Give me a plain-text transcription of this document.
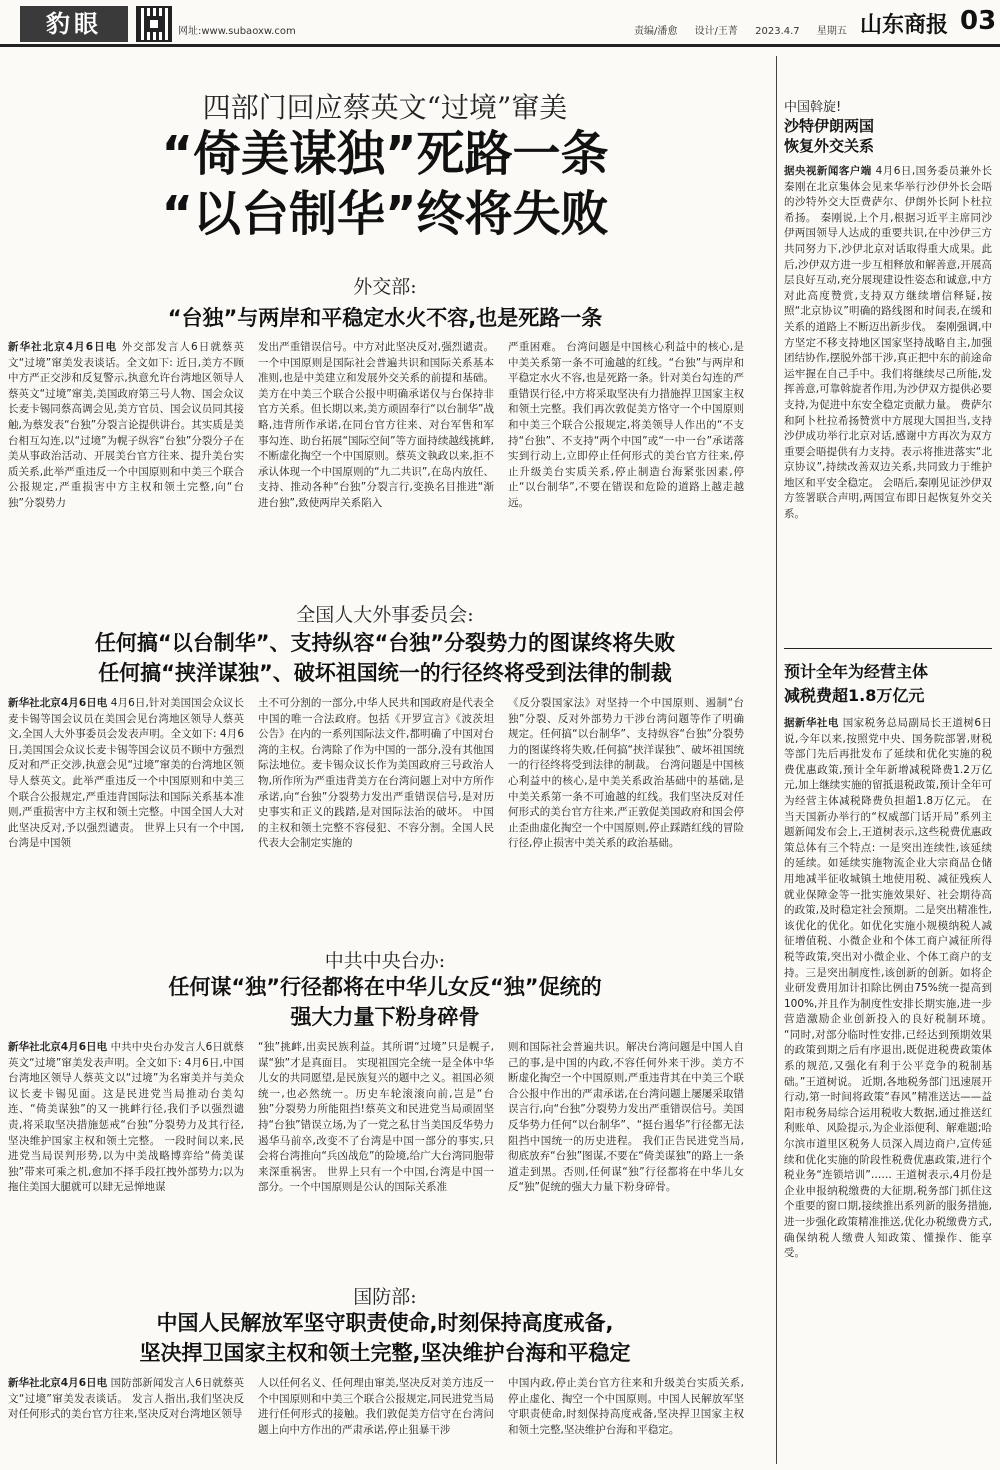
豹眼	网址:www.subaoxw.com	责编/潘愈 设计/王菁 2023.4.7 星期五 山东商报 03
四部门回应蔡英文“过境”窜美
“倚美谋独”死路一条
“以台制华”终将失败
外交部:
“台独”与两岸和平稳定水火不容,也是死路一条
新华社北京4月6日电 外交部发言人6日就蔡英文“过境”窜美发表谈话。全文如下: 近日,美方不顾中方严正交涉和反复警示,执意允许台湾地区领导人蔡英文“过境”窜美,美国政府第三号人物、国会众议长麦卡锡同蔡高调会见,美方官员、国会议员同其接触,为蔡发表“台独”分裂言论提供讲台。其实质是美台相互勾连,以“过境”为幌子纵容“台独”分裂分子在美从事政治活动、开展美台官方往来、提升美台实质关系,此举严重违反一个中国原则和中美三个联合公报规定,严重损害中方主权和领土完整,向“台独”分裂势力
发出严重错误信号。中方对此坚决反对,强烈谴责。 一个中国原则是国际社会普遍共识和国际关系基本准则,也是中美建立和发展外交关系的前提和基础。美方在中美三个联合公报中明确承诺仅与台保持非官方关系。但长期以来,美方顽固奉行“以台制华”战略,违背所作承诺,在同台官方往来、对台军售和军事勾连、助台拓展“国际空间”等方面持续越线挑衅,不断虚化掏空一个中国原则。蔡英文執政以来,拒不承认体现一个中国原则的“九二共识”,在岛内放任、支持、推动各种“台独”分裂言行,变换名目推进“渐进台独”,致使两岸关系陷入
严重困难。 台湾问题是中国核心利益中的核心,是中美关系第一条不可逾越的红线。“台独”与两岸和平稳定水火不容,也是死路一条。针对美台勾连的严重错误行径,中方将采取坚决有力措施捍卫国家主权和领土完整。我们再次敦促美方恪守一个中国原则和中美三个联合公报规定,将美领导人作出的“不支持“台独”、不支持“两个中国”或“一中一台”承诺落实到行动上,立即停止任何形式的美台官方往来,停止升级美台实质关系,停止制造台海紧张因素,停止“以台制华”,不要在错误和危险的道路上越走越远。
全国人大外事委员会:
任何搞“以台制华”、支持纵容“台独”分裂势力的图谋终将失败
任何搞“挟洋谋独”、破坏祖国统一的行径终将受到法律的制裁
新华社北京4月6日电 4月6日,针对美国国会众议长麦卡锡等国会议员在美国会见台湾地区领导人蔡英文,全国人大外事委员会发表声明。全文如下: 4月6日,美国国会众议长麦卡锡等国会议员不顾中方强烈反对和严正交涉,执意会见“过境”窜美的台湾地区领导人蔡英文。此举严重违反一个中国原则和中美三个联合公报规定,严重违背国际法和国际关系基本准则,严重损害中方主权和领土完整。中国全国人大对此坚决反对,予以强烈谴责。 世界上只有一个中国,台湾是中国领
土不可分割的一部分,中华人民共和国政府是代表全中国的唯一合法政府。包括《开罗宣言》《波茨坦公告》在内的一系列国际法文件,都明确了中国对台湾的主权。台湾除了作为中国的一部分,没有其他国际法地位。麦卡锡众议长作为美国政府三号政治人物,所作所为严重违背美方在台湾问题上对中方所作承诺,向“台独”分裂势力发出严重错误信号,是对历史事实和正义的践踏,是对国际法治的破坏。 中国的主权和领土完整不容侵犯、不容分割。全国人民代表大会制定实施的
《反分裂国家法》对坚持一个中国原则、遏制“台独”分裂、反对外部势力干涉台湾问题等作了明确规定。任何搞“以台制华”、支持纵容“台独”分裂势力的图谋终将失败,任何搞“挟洋谋独”、破坏祖国统一的行径终将受到法律的制裁。 台湾问题是中国核心利益中的核心,是中美关系政治基础中的基础,是中美关系第一条不可逾越的红线。我们坚决反对任何形式的美台官方往来,严正敦促美国政府和国会停止歪曲虚化掏空一个中国原则,停止踩踏红线的冒险行径,停止损害中美关系的政治基础。
中共中央台办:
任何谋“独”行径都将在中华儿女反“独”促统的
强大力量下粉身碎骨
新华社北京4月6日电 中共中央台办发言人6日就蔡英文“过境”窜美发表声明。全文如下: 4月6日,中国台湾地区领导人蔡英文以“过境”为名窜美并与美众议长麦卡锡见面。这是民进党当局推动台美勾连、“倚美谋独”的又一挑衅行径,我们予以强烈谴责,将采取坚决措施惩戒“台独”分裂势力及其行径,坚决维护国家主权和领土完整。 一段时间以来,民进党当局误判形势,以为中美战略博弈给“倚美谋独”带来可乘之机,愈加不择手段扛拽外部势力;以为拖住美国大腿就可以肆无忌惮地谋
“独”挑衅,出卖民族利益。其所谓“过境”只是幌子,谋“独”才是真面目。 实现祖国完全统一是全体中华儿女的共同愿望,是民族复兴的题中之义。祖国必须统一,也必然统一。历史车轮滚滚向前,岂是“台独”分裂势力所能阻挡!蔡英文和民进党当局顽固坚持“台独”错误立场,为了一党之私甘当美国反华势力遏华马前卒,改变不了台湾是中国一部分的事实,只会将台湾推向“兵凶战危”的险境,给广大台湾同胞带来深重祸害。 世界上只有一个中国,台湾是中国一部分。一个中国原则是公认的国际关系准
则和国际社会普遍共识。解决台湾问题是中国人自己的事,是中国的内政,不容任何外来干涉。美方不断虚化掏空一个中国原则,严重违背其在中美三个联合公报中作出的严肃承诺,在台湾问题上屡屡采取错误言行,向“台独”分裂势力发出严重错误信号。美国反华势力任何“以台制华”、“挺台遏华”行径都无法阻挡中国统一的历史进程。 我们正告民进党当局,彻底放弃“台独”图谋,不要在“倚美谋独”的路上一条道走到黑。否则,任何谋“独”行径都将在中华儿女反“独”促统的强大力量下粉身碎骨。
国防部:
中国人民解放军坚守职责使命,时刻保持高度戒备,
坚决捍卫国家主权和领土完整,坚决维护台海和平稳定
新华社北京4月6日电 国防部新闻发言人6日就蔡英文“过境”窜美发表谈话。 发言人指出,我们坚决反对任何形式的美台官方往来,坚决反对台湾地区领导
人以任何名义、任何理由窜美,坚决反对美方违反一个中国原则和中美三个联合公报规定,同民进党当局进行任何形式的接触。我们敦促美方信守在台湾问题上向中方作出的严肃承诺,停止狙暴干涉
中国内政,停止美台官方往来和升级美台实质关系,停止虚化、掏空一个中国原则。中国人民解放军坚守职责使命,时刻保持高度戒备,坚决捍卫国家主权和领土完整,坚决维护台海和平稳定。
中国斡旋!
沙特伊朗两国
恢复外交关系
据央视新闻客户端 4月6日,国务委员兼外长秦刚在北京集体会见来华举行沙伊外长会晤的沙特外交大臣费萨尔、伊朗外长阿卜杜拉希扬。 秦刚说,上个月,根据习近平主席同沙伊两国领导人达成的重要共识,在中沙伊三方共同努力下,沙伊北京对话取得重大成果。此后,沙伊双方进一步互相释放和解善意,开展高层良好互动,充分展现建设性姿态和诚意,中方对此高度赞赏,支持双方继续增信释疑,按照“北京协议”明确的路线图和时间表,在缓和关系的道路上不断迈出新步伐。 秦刚强调,中方坚定不移支持地区国家坚持战略自主,加强团结协作,摆脱外部干涉,真正把中东的前途命运牢握在自己手中。我们将继续尽己所能,发挥善意,可靠斡旋者作用,为沙伊双方提供必要支持,为促进中东安全稳定贡献力量。 费萨尔和阿卜杜拉希扬赞赏中方展现大国担当,支持沙伊成功举行北京对话,感谢中方再次为双方重要会晤提供有力支持。表示将推进落实“北京协议”,持续改善双边关系,共同致力于维护地区和平安全稳定。 会晤后,秦刚见证沙伊双方签署联合声明,两国宣布即日起恢复外交关系。
预计全年为经营主体
减税费超1.8万亿元
据新华社电 国家税务总局副局长王道树6日说,今年以来,按照党中央、国务院部署,财税等部门先后再批发布了延续和优化实施的税费优惠政策,预计全年新增减税降费1.2万亿元,加上继续实施的留抵退税政策,预计全年可为经营主体减税降费负担超1.8万亿元。 在当天国新办举行的“权威部门话开局”系列主题新闻发布会上,王道树表示,这些税费优惠政策总体有三个特点: 一是突出连续性,该延续的延续。如延续实施物流企业大宗商品仓储用地减半征收城镇土地使用税、减征残疾人就业保障金等一批实施效果好、社会期待高的政策,及时稳定社会预期。二是突出精准性,该优化的优化。如优化实施小规模纳税人减征增值税、小微企业和个体工商户减征所得税等政策,突出对小微企业、个体工商户的支持。三是突出制度性,该创新的创新。如将企业研发费用加计扣除比例由75%统一提高到100%,并且作为制度性安排长期实施,进一步营造激励企业创新投入的良好税制环境。 “同时,对部分临时性安排,已经达到预期效果的政策到期之后有序退出,既促进税费政策体系的规范,又强化有利于公平竞争的税制基础。”王道树说。 近期,各地税务部门迅速展开行动,第一时间将政策“春风”精准送达——益阳市税务局综合运用税收大数据,通过推送红利账单、风险提示,为企业添便利、解难题;哈尔滨市道里区税务人员深入周边商户,宣传延续和优化实施的阶段性税费优惠政策,进行个税业务“连锁培训”…… 王道树表示,4月份是企业申报纳税缴费的大征期,税务部门抓住这个重要的窗口期,接续推出系列新的服务措施,进一步强化政策精准推送,优化办税缴费方式,确保纳税人缴费人知政策、懂操作、能享受。
